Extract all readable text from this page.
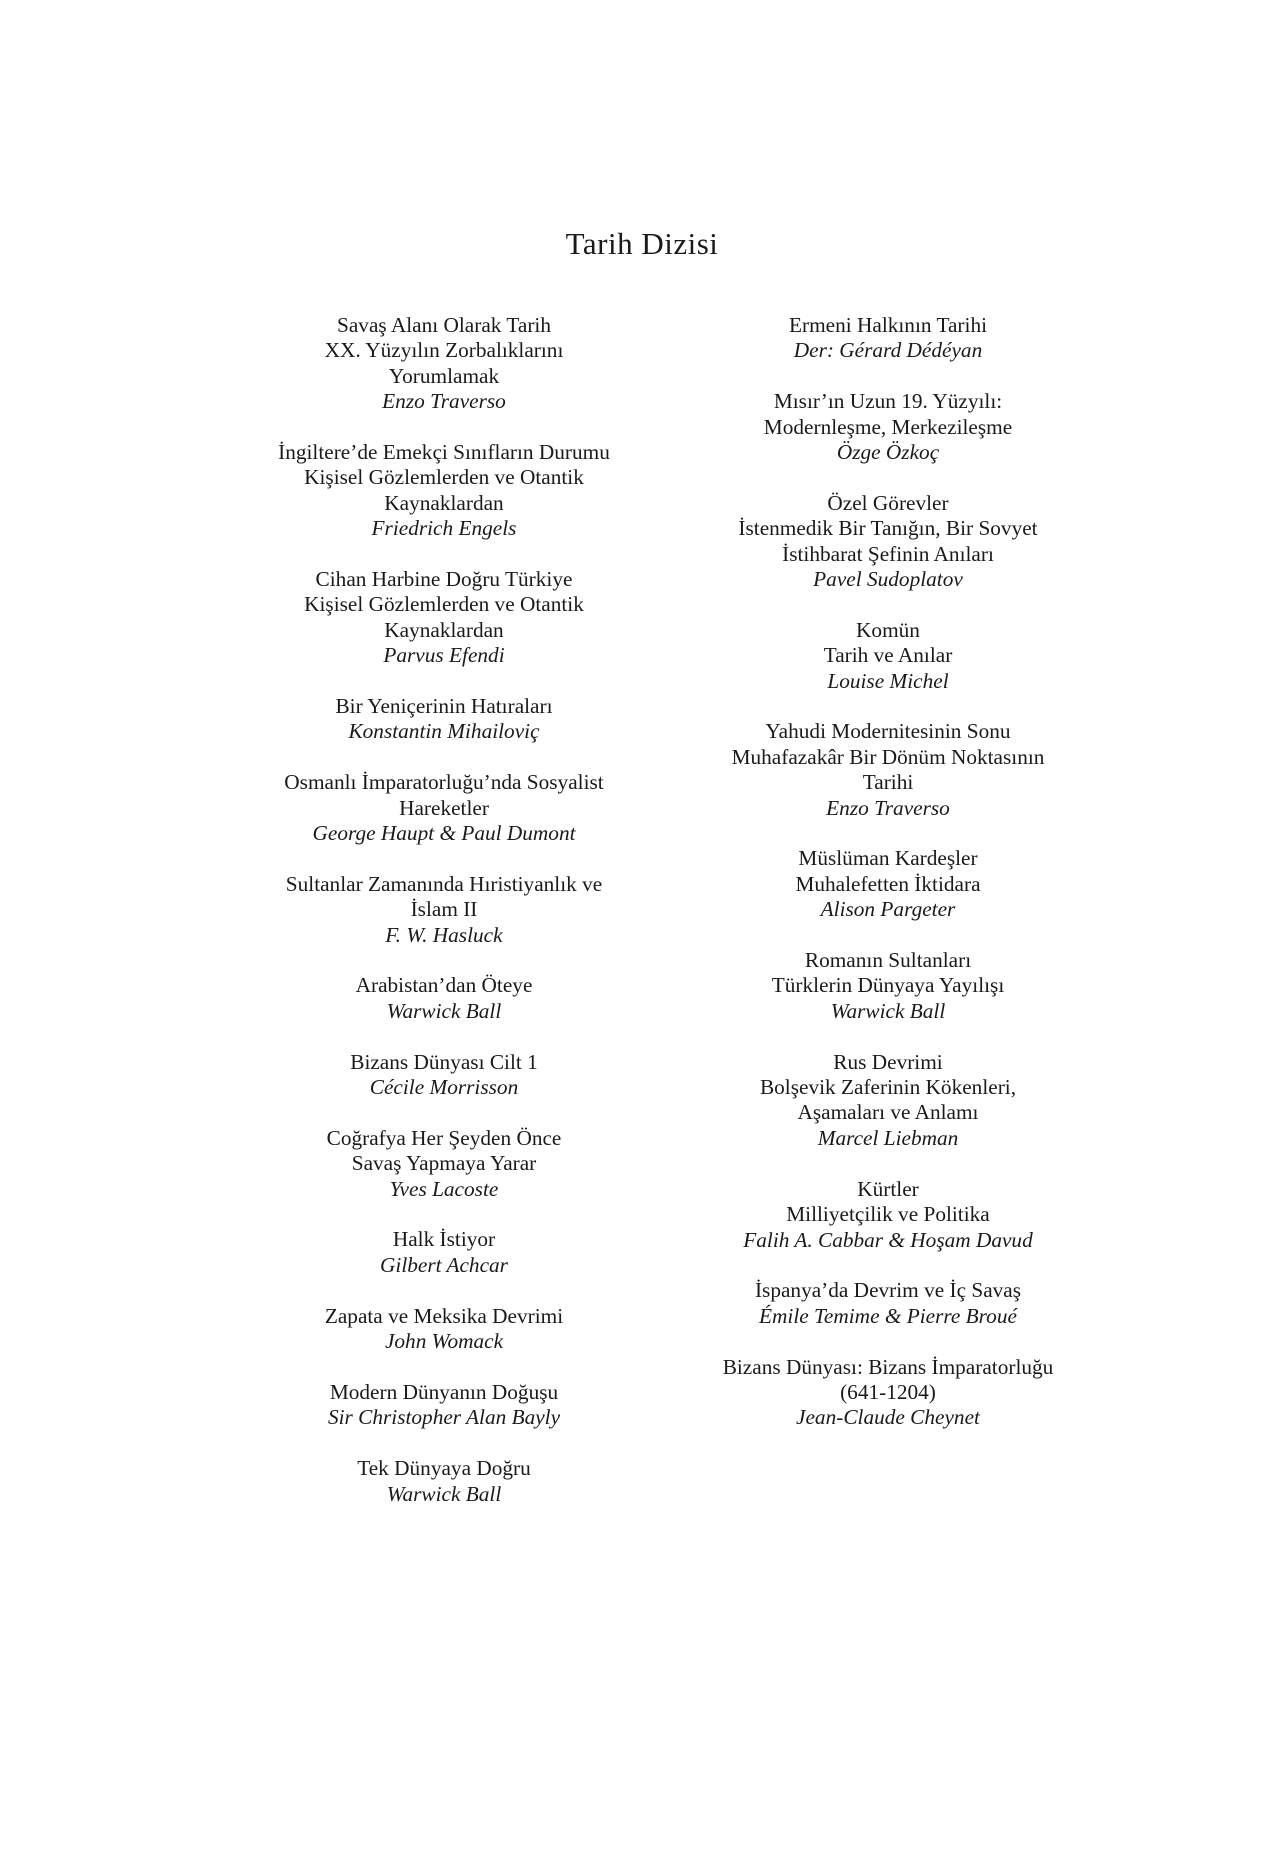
Tarih Dizisi
Savaş Alanı Olarak Tarih
XX. Yüzyılın Zorbalıklarını
Yorumlamak
Enzo Traverso
İngiltere’de Emekçi Sınıfların Durumu
Kişisel Gözlemlerden ve Otantik
Kaynaklardan
Friedrich Engels
Cihan Harbine Doğru Türkiye
Kişisel Gözlemlerden ve Otantik
Kaynaklardan
Parvus Efendi
Bir Yeniçerinin Hatıraları
Konstantin Mihailoviç
Osmanlı İmparatorluğu’nda Sosyalist
Hareketler
George Haupt & Paul Dumont
Sultanlar Zamanında Hıristiyanlık ve
İslam II
F. W. Hasluck
Arabistan’dan Öteye
Warwick Ball
Bizans Dünyası Cilt 1
Cécile Morrisson
Coğrafya Her Şeyden Önce
Savaş Yapmaya Yarar
Yves Lacoste
Halk İstiyor
Gilbert Achcar
Zapata ve Meksika Devrimi
John Womack
Modern Dünyanın Doğuşu
Sir Christopher Alan Bayly
Tek Dünyaya Doğru
Warwick Ball
Ermeni Halkının Tarihi
Der: Gérard Dédéyan
Mısır’ın Uzun 19. Yüzyılı:
Modernleşme, Merkezileşme
Özge Özkoç
Özel Görevler
İstenmedik Bir Tanığın, Bir Sovyet
İstihbarat Şefinin Anıları
Pavel Sudoplatov
Komün
Tarih ve Anılar
Louise Michel
Yahudi Modernitesinin Sonu
Muhafazakâr Bir Dönüm Noktasının
Tarihi
Enzo Traverso
Müslüman Kardeşler
Muhalefetten İktidara
Alison Pargeter
Romanın Sultanları
Türklerin Dünyaya Yayılışı
Warwick Ball
Rus Devrimi
Bolşevik Zaferinin Kökenleri,
Aşamaları ve Anlamı
Marcel Liebman
Kürtler
Milliyetçilik ve Politika
Falih A. Cabbar & Hoşam Davud
İspanya’da Devrim ve İç Savaş
Émile Temime & Pierre Broué
Bizans Dünyası: Bizans İmparatorluğu
(641-1204)
Jean-Claude Cheynet
